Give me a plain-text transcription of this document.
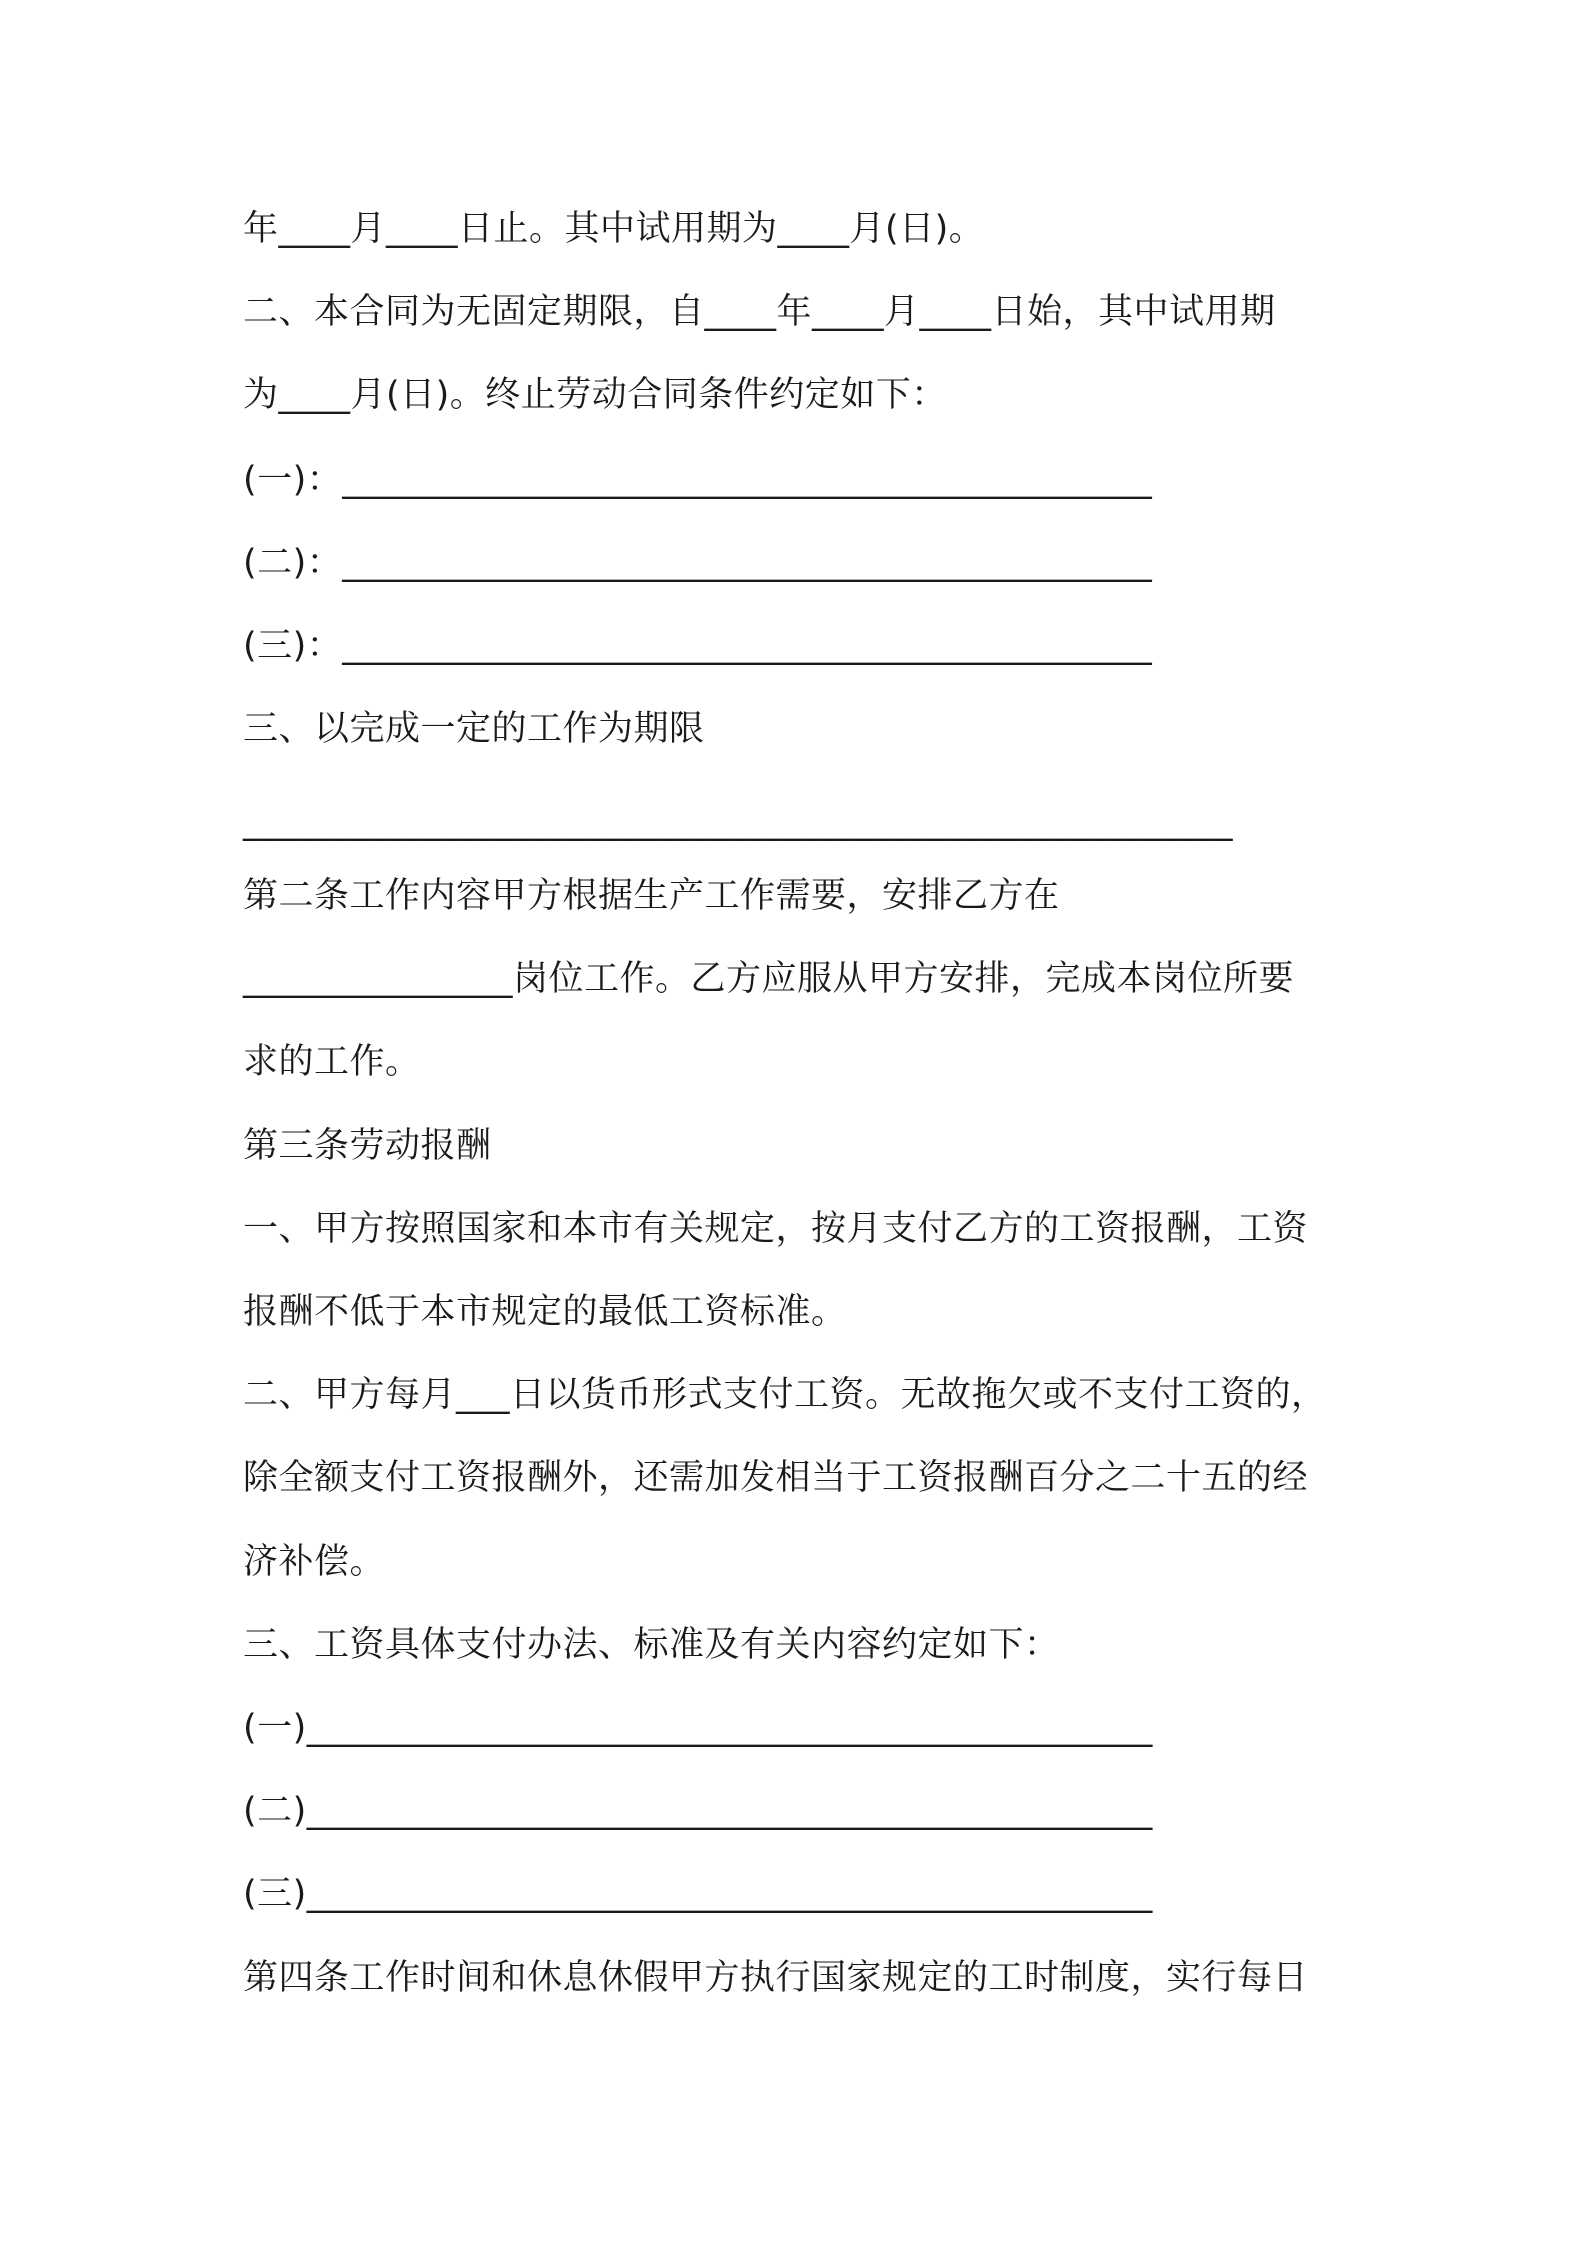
年____月____日止。其中试用期为____月(日)。
二、本合同为无固定期限，自____年____月____日始，其中试用期
为____月(日)。终止劳动合同条件约定如下：
(一)：_____________________________________________
(二)：_____________________________________________
(三)：_____________________________________________
三、以完成一定的工作为期限
_______________________________________________________
第二条工作内容甲方根据生产工作需要，安排乙方在
_______________岗位工作。乙方应服从甲方安排，完成本岗位所要
求的工作。
第三条劳动报酬
一、甲方按照国家和本市有关规定，按月支付乙方的工资报酬，工资
报酬不低于本市规定的最低工资标准。
二、甲方每月___日以货币形式支付工资。无故拖欠或不支付工资的，
除全额支付工资报酬外，还需加发相当于工资报酬百分之二十五的经
济补偿。
三、工资具体支付办法、标准及有关内容约定如下：
(一)_______________________________________________
(二)_______________________________________________
(三)_______________________________________________
第四条工作时间和休息休假甲方执行国家规定的工时制度，实行每日
